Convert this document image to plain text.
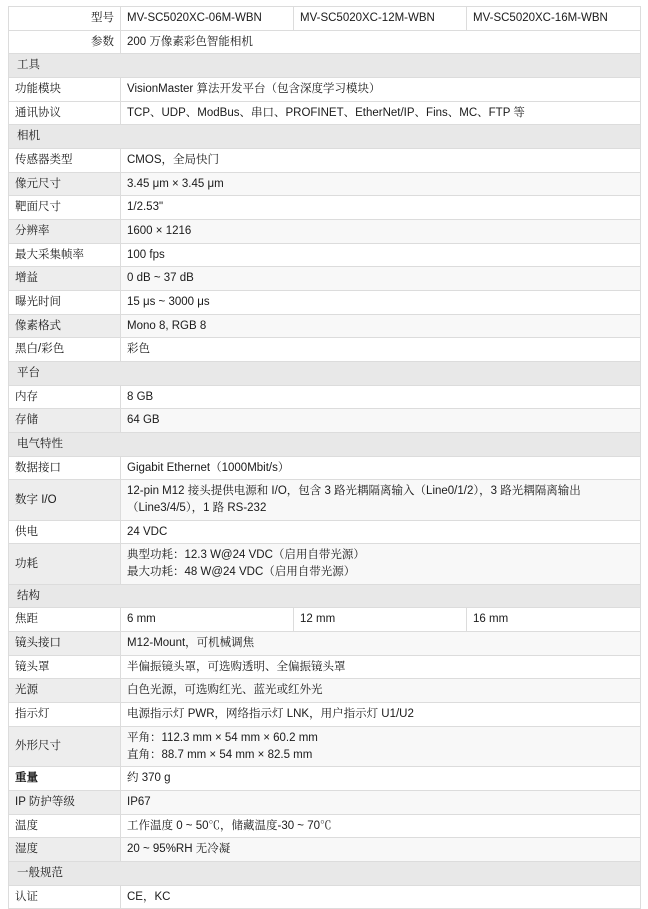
型号	MV-SC5020XC-06M-WBN	MV-SC5020XC-12M-WBN	MV-SC5020XC-16M-WBN
参数	200 万像素彩色智能相机		
工具			
功能模块	VisionMaster 算法开发平台（包含深度学习模块）		
通讯协议	TCP、UDP、ModBus、串口、PROFINET、EtherNet/IP、Fins、MC、FTP 等		
相机			
传感器类型	CMOS，全局快门		
像元尺寸	3.45 μm × 3.45 μm		
靶面尺寸	1/2.53"		
分辨率	1600 × 1216		
最大采集帧率	100 fps		
增益	0 dB ~ 37 dB		
曝光时间	15 μs ~ 3000 μs		
像素格式	Mono 8, RGB 8		
黑白/彩色	彩色		
平台			
内存	8 GB		
存储	64 GB		
电气特性			
数据接口	Gigabit Ethernet（1000Mbit/s）		
数字 I/O	12-pin M12 接头提供电源和 I/O，包含 3 路光耦隔离输入（Line0/1/2），3 路光耦隔离输出（Line3/4/5），1 路 RS-232		
供电	24 VDC		
功耗	典型功耗：12.3 W@24 VDC（启用自带光源）
最大功耗：48 W@24 VDC（启用自带光源）		

结构			
焦距	6 mm	12 mm	16 mm
镜头接口	M12-Mount，可机械调焦		
镜头罩	半偏振镜头罩，可选购透明、全偏振镜头罩		
光源	白色光源，可选购红光、蓝光或红外光		
指示灯	电源指示灯 PWR，网络指示灯 LNK，用户指示灯 U1/U2		
外形尺寸	平角：112.3 mm × 54 mm × 60.2 mm
直角：88.7 mm × 54 mm × 82.5 mm		

重量	约 370 g		
IP 防护等级	IP67		
温度	工作温度 0 ~ 50℃，储藏温度-30 ~ 70℃		
湿度	20 ~ 95%RH 无冷凝		
一般规范			
认证	CE，KC		
